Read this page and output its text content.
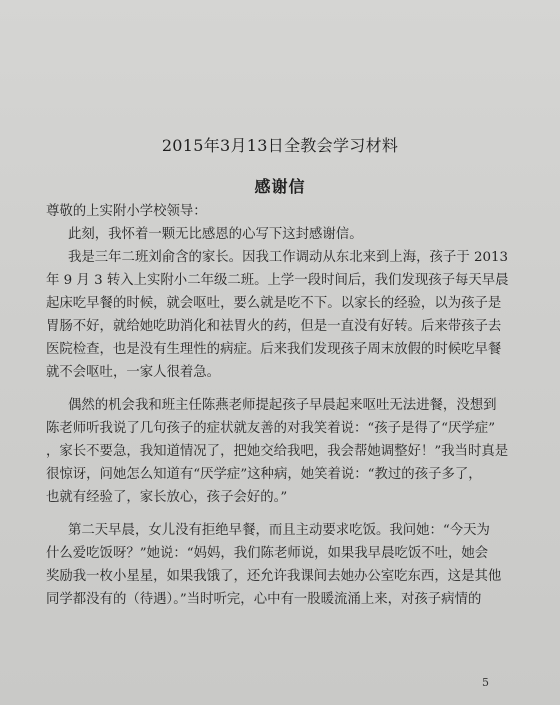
2015年3月13日全教会学习材料
感谢信
尊敬的上实附小学校领导：
此刻，我怀着一颗无比感恩的心写下这封感谢信。
我是三年二班刘俞含的家长。因我工作调动从东北来到上海，孩子于 2013
年 9 月 3 转入上实附小二年级二班。上学一段时间后，我们发现孩子每天早晨
起床吃早餐的时候，就会呕吐，要么就是吃不下。以家长的经验，以为孩子是
胃肠不好，就给她吃助消化和祛胃火的药，但是一直没有好转。后来带孩子去
医院检查，也是没有生理性的病症。后来我们发现孩子周末放假的时候吃早餐
就不会呕吐，一家人很着急。
偶然的机会我和班主任陈燕老师提起孩子早晨起来呕吐无法进餐，没想到
陈老师听我说了几句孩子的症状就友善的对我笑着说：“孩子是得了“厌学症”
，家长不要急，我知道情况了，把她交给我吧，我会帮她调整好！”我当时真是
很惊讶，问她怎么知道有“厌学症”这种病，她笑着说：“教过的孩子多了，
也就有经验了，家长放心，孩子会好的。”
第二天早晨，女儿没有拒绝早餐，而且主动要求吃饭。我问她：“今天为
什么爱吃饭呀？”她说：“妈妈，我们陈老师说，如果我早晨吃饭不吐，她会
奖励我一枚小星星，如果我饿了，还允许我课间去她办公室吃东西，这是其他
同学都没有的（待遇）。”当时听完，心中有一股暖流涌上来，对孩子病情的
5
